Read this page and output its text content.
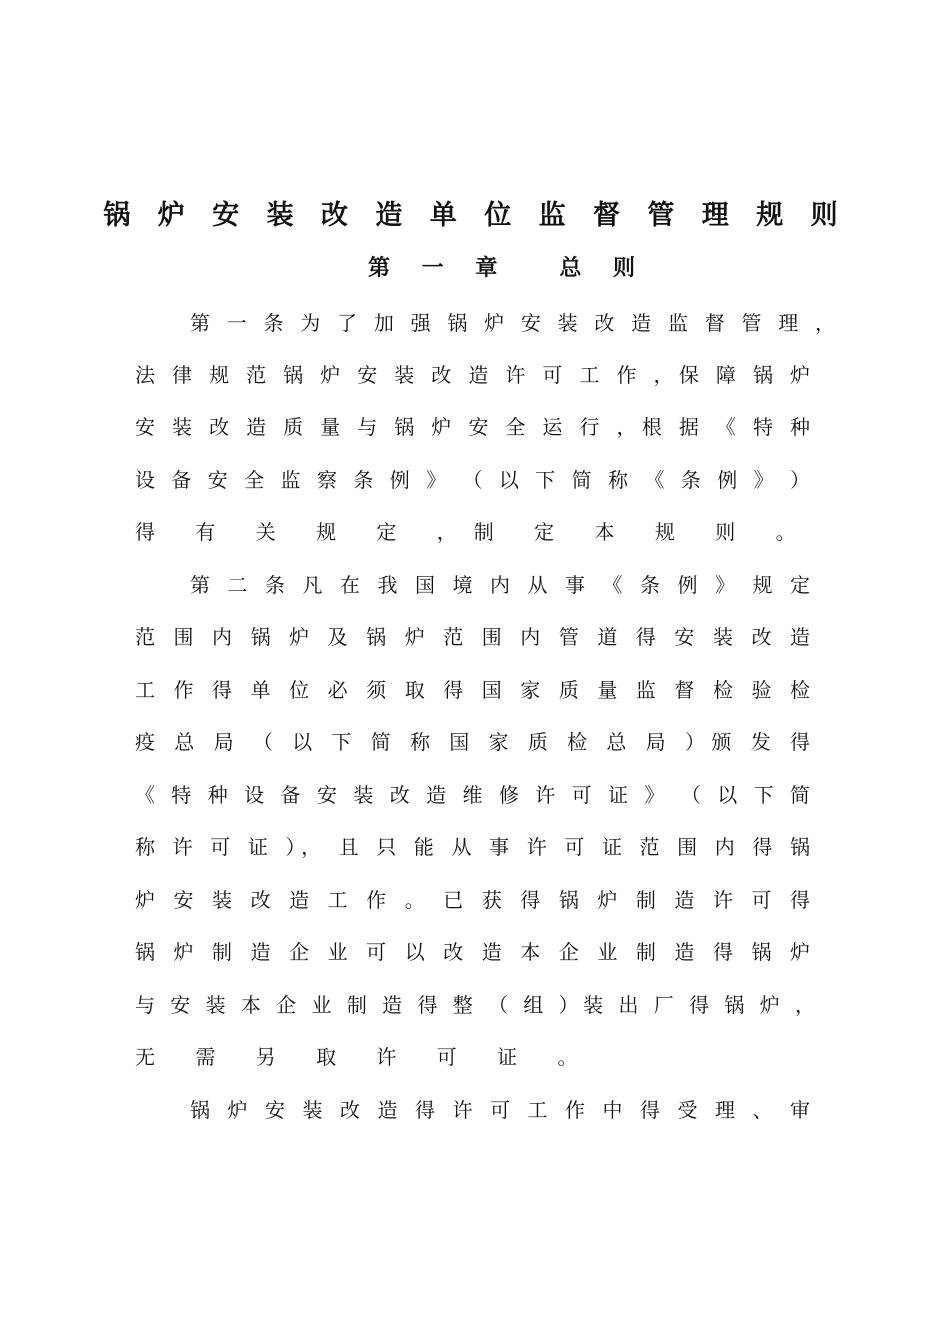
锅 炉 安 装 改 造 单 位 监 督 管 理 规 则
第 一 章 总 则
第 一 条 为 了 加 强 锅 炉 安 装 改 造 监 督 管 理 ，
法 律 规 范 锅 炉 安 装 改 造 许 可 工 作 ，保 障 锅 炉
安 装 改 造 质 量 与 锅 炉 安 全 运 行 ，根 据 《 特 种
设 备 安 全 监 察 条 例 》 （ 以 下 简 称 《 条 例 》 ）
得 有 关 规 定 ，制 定 本 规 则 。
第 二 条 凡 在 我 国 境 内 从 事 《 条 例 》 规 定
范 围 内 锅 炉 及 锅 炉 范 围 内 管 道 得 安 装 改 造
工 作 得 单 位 必 须 取 得 国 家 质 量 监 督 检 验 检
疫 总 局 （ 以 下 简 称 国 家 质 检 总 局 ）颁 发 得
《 特 种 设 备 安 装 改 造 维 修 许 可 证 》 （ 以 下 简
称 许 可 证 ）， 且 只 能 从 事 许 可 证 范 围 内 得 锅
炉 安 装 改 造 工 作 。 已 获 得 锅 炉 制 造 许 可 得
锅 炉 制 造 企 业 可 以 改 造 本 企 业 制 造 得 锅 炉
与 安 装 本 企 业 制 造 得 整 （ 组 ）装 出 厂 得 锅 炉 ，
无 需 另 取 许 可 证 。
锅 炉 安 装 改 造 得 许 可 工 作 中 得 受 理 、 审
